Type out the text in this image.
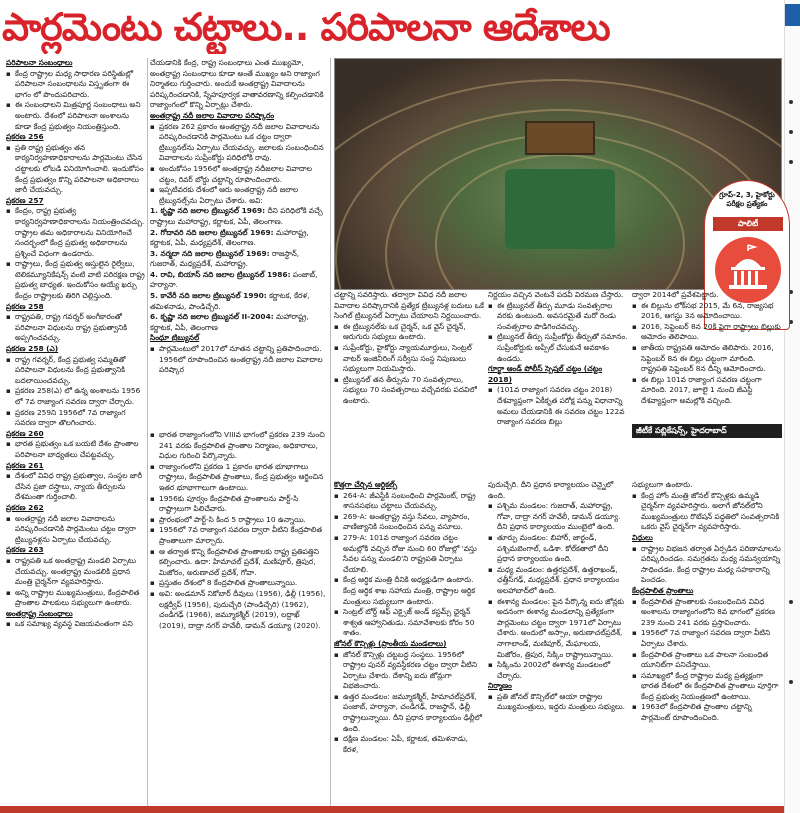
పార్లమెంటు చట్టాలు.. పరిపాలనా ఆదేశాలు
పరిపాలనా సంబంధాలు
▪ కేంద్ర రాష్ట్రాల మధ్య సాధారణ పరిస్థితుల్లో పరిపాలనా సంబంధాలను విస్తృతంగా ఈ భాగం లో పొందుపరిచారు.
▪ ఈ సంబంధాలని మిత్రపూర్ణ సంబంధాలు అని అంటారు. దేశంలో పరిపాలనా అంశాలను కూడా కేంద్ర ప్రభుత్వం నియంత్రిస్తుంది.
ప్రకరణ 256
▪ ప్రతి రాష్ట్ర ప్రభుత్వం తన కార్యనిర్వహణాధికారాలను పార్లమెంటు చేసిన చట్టాలకు లోబడి వినియోగించాలి. ఇందుకోసం కేంద్ర ప్రభుత్వం కొన్ని పరిపాలనా అధికారాలు జారీ చేయవచ్చు.
ప్రకరణ 257
▪ కేంద్రం, రాష్ట్ర ప్రభుత్వ కార్యనిర్వహణాధికారాలను నియంత్రించవచ్చు. రాష్ట్రాల తమ అధికారాలను వినియోగించే సందర్భంలో కేంద్ర ప్రభుత్వ అధికారాలను ప్రశ్నించే విధంగా ఉండరాదు.
▪ రాష్ట్రాలు, కేంద్ర ప్రభుత్వ ఆస్తులైన రైల్వేలు, టెలికమ్యూనికేషన్స్ వంటి వాటి పరిరక్షణ రాష్ట్ర ప్రభుత్వ బాధ్యత. ఇందుకోసం అయ్యే ఖర్చు కేంద్రం రాష్ట్రాలకు తిరిగి చెల్లిస్తుంది.
ప్రకరణ 258
▪ రాష్ట్రపతి, రాష్ట్ర గవర్నర్ అంగీకారంతో పరిపాలనా విధులను రాష్ట్ర ప్రభుత్వానికి అప్పగించవచ్చు.
ప్రకరణ 258 (ఎ)
▪ రాష్ట్ర గవర్నర్, కేంద్ర ప్రభుత్వ సమ్మతితో పరిపాలనా విధులను కేంద్ర ప్రభుత్వానికి బదలాయించవచ్చు.
▪ ప్రకరణ 258(ఎ) లో ఉన్న అంశాలను 1956 లో 7వ రాజ్యాంగ సవరణ ద్వారా చేర్చారు.
▪ ప్రకరణ 259ని 1956లో 7వ రాజ్యాంగ సవరణ ద్వారా తొలగించారు.
ప్రకరణ 260
▪ భారత ప్రభుత్వం ఒక బయటి దేశం ప్రాంతాల పరిపాలనా బాధ్యతలు చేపట్టవచ్చు.
ప్రకరణ 261
▪ దేశంలో వివిధ రాష్ట్ర ప్రభుత్వాల, సంస్థల జారీ చేసిన ప్రజా దస్త్రాలు, న్యాయ తీర్పులను దేశమంతా గుర్తించాలి.
ప్రకరణ 262
▪ అంతర్రాష్ట్ర నదీ జలాల వివాదాలను పరిష్కరించడానికి పార్లమెంటు చట్టం ద్వారా ట్రిబ్యునళ్లను ఏర్పాటు చేయవచ్చు.
ప్రకరణ 263
▪ రాష్ట్రపతి ఒక అంతర్రాష్ట్ర మండలి ఏర్పాటు చేయవచ్చు. అంతర్రాష్ట్ర మండలికి ప్రధాన మంత్రి చైర్మన్‌గా వ్యవహరిస్తారు.
▪ అన్ని రాష్ట్రాల ముఖ్యమంత్రులు, కేంద్రపాలిత ప్రాంతాల పాలకులు సభ్యులుగా ఉంటారు.
అంతర్రాష్ట్ర సంబంధాలు
▪ ఒక సమాఖ్య వ్యవస్థ విజయవంతంగా పని
చేయడానికి కేంద్ర, రాష్ట్ర సంబంధాలు ఎంత ముఖ్యమో, అంతర్రాష్ట్ర సంబంధాలు కూడా అంతే ముఖ్యం అని రాజ్యాంగ నిర్మాతలు గుర్తించారు. అందుకే అంతర్రాష్ట్ర వివాదాలను పరిష్కరించడానికి, స్నేహపూర్వక వాతావరణాన్ని కల్పించడానికి రాజ్యాంగంలో కొన్ని ఏర్పాట్లు చేశారు.
అంతర్రాష్ట్ర నదీ జలాల వివాదాల పరిష్కారం
▪ ప్రకరణ 262 ప్రకారం అంతర్రాష్ట్ర నదీ జలాల వివాదాలను పరిష్కరించడానికి పార్లమెంటు ఒక చట్టం ద్వారా ట్రిబ్యునల్‌ను ఏర్పాటు చేయవచ్చు. జలాలకు సంబంధించిన వివాదాలను సుప్రీంకోర్టు పరిధిలోకి రావు.
▪ అందుకోసం 1956లో అంతర్రాష్ట్ర నదీజలాల వివాదాల చట్టం, రివర్ బోర్డు చట్టాన్ని రూపొందించారు.
▪ ఇప్పటివరకు దేశంలో ఆరు అంతర్రాష్ట్ర నదీ జలాల ట్రిబ్యునల్స్‌ను ఏర్పాటు చేశారు. అవి:
1. కృష్ణా నది జలాల ట్రిబ్యునల్ 1969: దీని పరిధిలోకి వచ్చే రాష్ట్రాలు మహారాష్ట్ర, కర్ణాటక, ఏపీ, తెలంగాణ.
2. గోదావరి నది జలాల ట్రిబ్యునల్ 1969: మహారాష్ట్ర, కర్ణాటక, ఏపీ, మధ్యప్రదేశ్, తెలంగాణ.
3. నర్మదా నది జలాల ట్రిబ్యునల్ 1969: రాజస్థాన్, గుజరాత్, మధ్యప్రదేశ్, మహారాష్ట్ర.
4. రావి, బియాస్ నది జలాల ట్రిబ్యునల్ 1986: పంజాబ్, హర్యానా.
5. కావేరీ నది జలాల ట్రిబ్యునల్ 1990: కర్ణాటక, కేరళ, తమిళనాడు, పాండిచ్చేరి.
6. కృష్ణా నది జలాల ట్రిబ్యునల్ II-2004: మహారాష్ట్ర, కర్ణాటక, ఏపీ, తెలంగాణ
సింధూ ట్రిబ్యునల్
▪ పార్లమెంటులో 2017లో నూతన చట్టాన్ని ప్రతిపాదించారు. 1956లో రూపొందించిన అంతర్రాష్ట్ర నదీ జలాల వివాదాల పరిష్కార
గ్రూప్-2, 3, హైకోర్టు
పరీక్షల ప్రత్యేకం
పాలిటీ
చట్టాన్ని సవరిస్తారు. తద్వారా వివిధ నదీ జలాల వివాదాల పరిష్కారానికి ప్రత్యేక ట్రిబ్యునళ్ల బదులు ఒకే సింగిల్ ట్రిబ్యునల్ ఏర్పాటు చేయాలని నిర్ణయించారు.
▪ ఈ ట్రిబ్యునల్‌కు ఒక చైర్మన్, ఒక వైస్ చైర్మన్, ఆరుగురు సభ్యులు ఉంటారు.
▪ సుప్రీంకోర్టు, హైకోర్టు న్యాయమూర్తులు, సెంట్రల్ వాటర్ ఇంజినీరింగ్ సర్వీసు సంస్థ నిపుణులు సభ్యులుగా నియమిస్తారు.
▪ ట్రిబ్యునల్ తన తీర్పును 70 సంవత్సరాలు, సభ్యులు 70 సంవత్సరాలు వచ్చేవరకు పదవిలో ఉంటారు.
నిర్ణయం వచ్చిన వెంటనే పదవీ విరమణ చేస్తారు.
▪ ఈ ట్రిబ్యునల్ తీర్పు మూడు సంవత్సరాల వరకు ఉంటుంది. అవసరమైతే మరో రెండు సంవత్సరాల పొడిగించవచ్చు.
▪ ట్రిబ్యునల్ తీర్పు సుప్రీంకోర్టు తీర్పుతో సమానం. సుప్రీంకోర్టుకు అప్పీల్ చేసుకునే అవకాశం ఉండదు.
గూర్ఖా ఆండ్ పోలీస్ స్పెషల్ చట్టం (చట్టం 2018)
▪ (101వ రాజ్యాంగ సవరణ చట్టం 2018) దేశవ్యాప్తంగా ఏకీకృత పరోక్ష పన్ను విధానాన్ని అమలు చేయడానికి ఈ సవరణ చట్టం 122వ రాజ్యాంగ సవరణ బిల్లు
ద్వారా 2014లో ప్రవేశపెట్టారు.
▪ ఈ బిల్లును లోక్‌సభ 2015, మే 6న, రాజ్యసభ 2016, ఆగస్టు 3న ఆమోదించాయి.
▪ 2016, సెప్టెంబర్ 8న 20కి పైగా రాష్ట్రాలు బిల్లుకు ఆమోదం తెలిపాయి.
▪ జాతీయ రాష్ట్రపతి ఆమోదం తెలిపారు. 2016, సెప్టెంబర్ 8న ఈ బిల్లు చట్టంగా మారింది. రాష్ట్రపతి సెప్టెంబర్ 8న దీన్ని ఆమోదించారు.
▪ ఈ బిల్లు 101వ రాజ్యాంగ సవరణ చట్టంగా మారింది. 2017, జూలై 1 నుంచి జీఎస్టీ దేశవ్యాప్తంగా అమల్లోకి వచ్చింది.
జీటీకే పబ్లికేషన్స్, హైదరాబాద్
కొత్తగా చేర్చిన ఆర్టికల్స్
▪ 264-A: జీఎస్టీకి సంబంధించి పార్లమెంట్, రాష్ట్ర శాసనసభలు చట్టాలు చేయవచ్చు.
▪ 269-A: అంతర్రాష్ట్ర వస్తు సేవలు, వ్యాపారం, వాణిజ్యానికి సంబంధించిన పన్ను వసూలు.
▪ 279-A: 101వ రాజ్యాంగ సవరణ చట్టం అమల్లోకి వచ్చిన రోజు నుంచి 60 రోజుల్లో 'వస్తు సేవల పన్ను మండలి'ని రాష్ట్రపతి ఏర్పాటు చేయాలి.
▪ కేంద్ర ఆర్థిక మంత్రి దీనికి అధ్యక్షుడిగా ఉంటారు. కేంద్ర ఆర్థిక శాఖ సహాయ మంత్రి, రాష్ట్రాల ఆర్థిక మంత్రులు సభ్యులుగా ఉంటారు.
▪ సెంట్రల్ బోర్డ్ ఆఫ్ ఎక్సైజ్ అండ్ కస్టమ్స్ ఛైర్మన్ శాశ్వత ఆహ్వానితుడు. సమావేశాలకు కోరం 50 శాతం.
జోనల్ కౌన్సిళ్లు (ప్రాంతీయ మండలాలు)
▪ జోనల్ కౌన్సిళ్లు చట్టబద్ధ సంస్థలు. 1956లో రాష్ట్రాల పునర్‌ వ్యవస్థీకరణ చట్టం ద్వారా వీటిని ఏర్పాటు చేశారు. దేశాన్ని ఐదు జోన్లుగా విభజించారు.
▪ ఉత్తర మండలం: జమ్మూకశ్మీర్, హిమాచల్‌ప్రదేశ్, పంజాబ్, హర్యానా, చండీగఢ్, రాజస్థాన్, ఢిల్లీ రాష్ట్రాలున్నాయి. దీని ప్రధాన కార్యాలయం ఢిల్లీలో ఉంది.
▪ దక్షిణ మండలం: ఏపీ, కర్ణాటక, తమిళనాడు, కేరళ,
పుదుచ్చేరి. దీని ప్రధాన కార్యాలయం చెన్నైలో ఉంది.
▪ పశ్చిమ మండలం: గుజరాత్, మహారాష్ట్ర, గోవా, దాద్రా నగర్ హవేలీ, డామన్ డయ్యూ. దీని ప్రధాన కార్యాలయం ముంబైలో ఉంది.
▪ తూర్పు మండలం: బిహార్, జార్ఖండ్, పశ్చిమబెంగాల్, ఒడిశా. కోల్‌కతాలో దీని ప్రధాన కార్యాలయం ఉంది.
▪ మధ్య మండలం: ఉత్తరప్రదేశ్, ఉత్తరాఖండ్, ఛత్తీస్‌గఢ్, మధ్యప్రదేశ్. ప్రధాన కార్యాలయం అలహాబాద్‌లో ఉంది.
▪ ఈశాన్య మండలం: పైన పేర్కొన్న ఐదు జోన్లకు అదనంగా ఈశాన్య మండలాన్ని ప్రత్యేకంగా పార్లమెంటు చట్టం ద్వారా 1971లో ఏర్పాటు చేశారు. అందులో అస్సాం, అరుణాచల్‌ప్రదేశ్, నాగాలాండ్, మణిపూర్, మేఘాలయ, మిజోరం, త్రిపుర, సిక్కిం రాష్ట్రాలున్నాయి.
▪ సిక్కింను 2002లో ఈశాన్య మండలంలో చేర్చారు.
నిర్మాణం
▪ ప్రతి జోనల్ కౌన్సిల్‌లో ఆయా రాష్ట్రాల ముఖ్యమంత్రులు, ఇద్దరు మంత్రులు సభ్యులు.
సభ్యులుగా ఉంటారు.
▪ కేంద్ర హోం మంత్రి జోనల్ కౌన్సిళ్లకు ఉమ్మడి చైర్మన్‌గా వ్యవహరిస్తారు. అలాగే జోనల్‌లోని ముఖ్యమంత్రులు రొటేషన్ పద్ధతిలో సంవత్సరానికి ఒకరు వైస్ చైర్మన్‌గా వ్యవహరిస్తారు.
విధులు
▪ రాష్ట్రాల విభజన తర్వాత ఏర్పడిన పరిణామాలను పరిష్కరించడం. సమగ్రతను మధ్య సమన్వయాన్ని సాధించడం. కేంద్ర రాష్ట్రాల మధ్య సహకారాన్ని పెంచడం.
కేంద్రపాలిత ప్రాంతాలు
▪ కేంద్రపాలిత ప్రాంతాలకు సంబంధించిన వివిధ అంశాలను రాజ్యాంగంలోని 8వ భాగంలో ప్రకరణ 239 నుంచి 241 వరకు ప్రస్తావించారు.
▪ 1956లో 7వ రాజ్యాంగ సవరణ ద్వారా వీటిని ఏర్పాటు చేశారు.
▪ కేంద్రపాలిత ప్రాంతాలు ఒక పాలనా సంబంధిత యూనిట్‌గా పనిచేస్తాయి.
▪ సమాఖ్యలో కేంద్ర రాష్ట్రాల మధ్య ప్రత్యక్షంగా భారత దేశంలో ఈ కేంద్రపాలిత ప్రాంతాలు పూర్తిగా కేంద్ర ప్రభుత్వ నియంత్రణలో ఉంటాయి.
▪ 1963లో కేంద్రపాలిత ప్రాంతాల చట్టాన్ని పార్లమెంట్ రూపొందించింది.
▪ భారత రాజ్యాంగంలోని VIIIవ భాగంలో ప్రకరణ 239 నుంచి 241 వరకు కేంద్రపాలిత ప్రాంతాల నిర్మాణం, అధికారాలు, విధుల గురించి పేర్కొన్నారు.
▪ రాజ్యాంగంలోని ప్రకరణ 1 ప్రకారం భారత భూభాగాలు రాష్ట్రాలు, కేంద్రపాలిత ప్రాంతాలు, కేంద్ర ప్రభుత్వం ఆర్జించిన ఇతర భూభాగాలుగా ఉంటాయి.
▪ 1956కు పూర్వం కేంద్రపాలిత ప్రాంతాలను పార్ట్-సి రాష్ట్రాలుగా పిలిచేవారు.
▪ ప్రారంభంలో పార్ట్-సి కింద 5 రాష్ట్రాలు 10 ఉన్నాయి.
▪ 1956లో 7వ రాజ్యాంగ సవరణ ద్వారా వీటిని కేంద్రపాలిత ప్రాంతాలుగా మార్చారు.
▪ ఆ తర్వాత కొన్ని కేంద్రపాలిత ప్రాంతాలకు రాష్ట్ర ప్రతిపత్తిని కల్పించారు. ఉదా: హిమాచల్ ప్రదేశ్, మణిపూర్, త్రిపుర, మిజోరం, అరుణాచల్ ప్రదేశ్, గోవా.
▪ ప్రస్తుతం దేశంలో 8 కేంద్రపాలిత ప్రాంతాలున్నాయి.
▪ అవి: అండమాన్ నికోబార్ దీవులు (1956), ఢిల్లీ (1956), లక్షద్వీప్ (1956), పుదుచ్చేరి (పాండిచ్చేరి) (1962), చండీగఢ్ (1966), జమ్మూకశ్మీర్ (2019), లద్దాఖ్ (2019), దాద్రా నగర్ హవేలీ, డామన్ డయ్యూ (2020).
